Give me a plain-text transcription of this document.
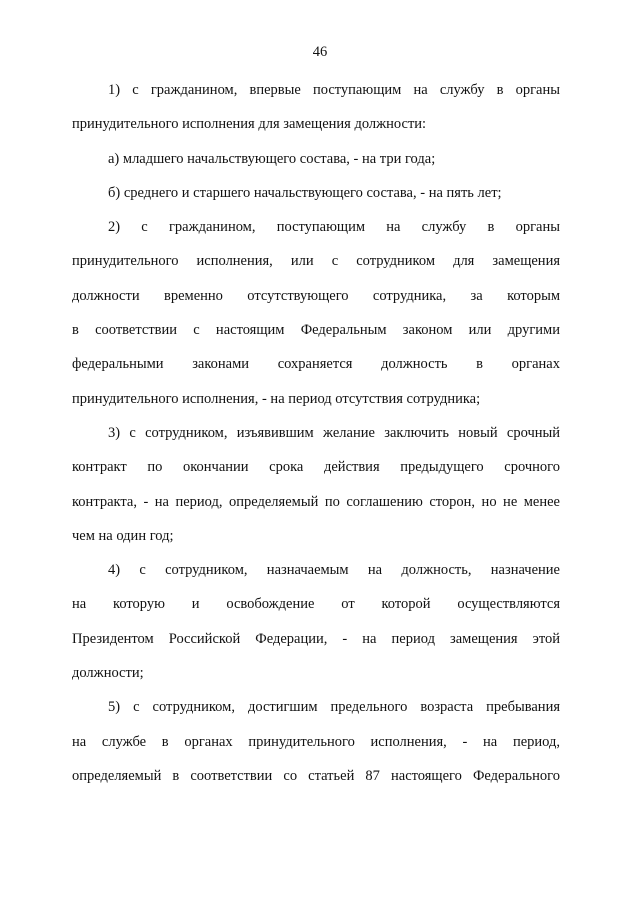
46
1) с гражданином, впервые поступающим на службу в органы
принудительного исполнения для замещения должности:
а) младшего начальствующего состава, - на три года;
б) среднего и старшего начальствующего состава, - на пять лет;
2) с гражданином, поступающим на службу в органы
принудительного исполнения, или с сотрудником для замещения
должности временно отсутствующего сотрудника, за которым
в соответствии с настоящим Федеральным законом или другими
федеральными законами сохраняется должность в органах
принудительного исполнения, - на период отсутствия сотрудника;
3) с сотрудником, изъявившим желание заключить новый срочный
контракт по окончании срока действия предыдущего срочного
контракта, - на период, определяемый по соглашению сторон, но не менее
чем на один год;
4) с сотрудником, назначаемым на должность, назначение
на которую и освобождение от которой осуществляются
Президентом Российской Федерации, - на период замещения этой
должности;
5) с сотрудником, достигшим предельного возраста пребывания
на службе в органах принудительного исполнения, - на период,
определяемый в соответствии со статьей 87 настоящего Федерального
